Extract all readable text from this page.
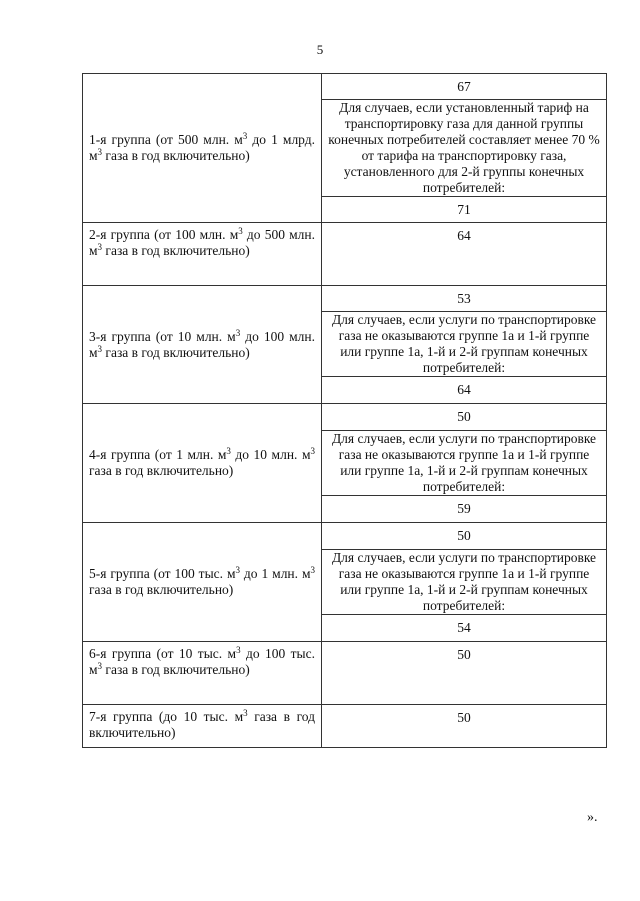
5
1-я группа (от 500 млн. $м^3$ до 1 млрд. $м^3$ газа в год включительно)	67
	Для случаев, если установленный тариф на транспортировку газа для данной группы конечных потребителей составляет менее 70 % от тарифа на транспортировку газа, установленного для 2-й группы конечных потребителей:
	71
2-я группа (от 100 млн. $м^3$ до 500 млн. $м^3$ газа в год включительно)	64
3-я группа (от 10 млн. $м^3$ до 100 млн. $м^3$ газа в год включительно)	53
	Для случаев, если услуги по транспортировке газа не оказываются группе 1а и 1-й группе или группе 1а, 1-й и 2-й группам конечных потребителей:
	64
4-я группа (от 1 млн. $м^3$ до 10 млн. $м^3$ газа в год включительно)	50
	Для случаев, если услуги по транспортировке газа не оказываются группе 1а и 1-й группе или группе 1а, 1-й и 2-й группам конечных потребителей:
	59
5-я группа (от 100 тыс. $м^3$ до 1 млн. $м^3$ газа в год включительно)	50
	Для случаев, если услуги по транспортировке газа не оказываются группе 1а и 1-й группе или группе 1а, 1-й и 2-й группам конечных потребителей:
	54
6-я группа (от 10 тыс. $м^3$ до 100 тыс. $м^3$ газа в год включительно)	50
7-я группа (до 10 тыс. $м^3$ газа в год включительно)	50
».
